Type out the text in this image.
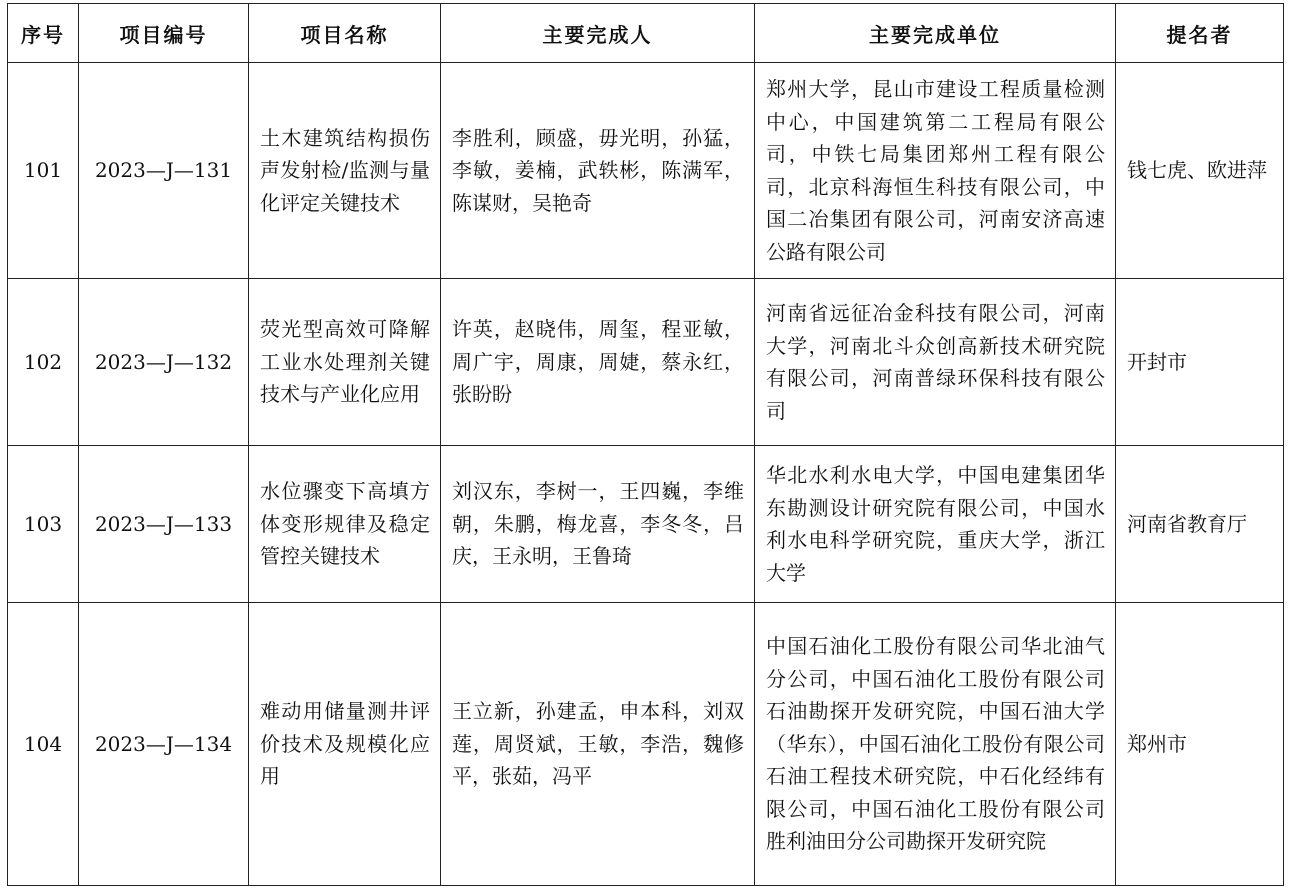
序号	项目编号	项目名称	主要完成人	主要完成单位	提名者
101	2023—J—131	土木建筑结构损伤声发射检/监测与量化评定关键技术	李胜利，顾盛，毋光明，孙猛，李敏，姜楠，武轶彬，陈满军，陈谋财，吴艳奇	郑州大学，昆山市建设工程质量检测中心，中国建筑第二工程局有限公司，中铁七局集团郑州工程有限公司，北京科海恒生科技有限公司，中国二冶集团有限公司，河南安济高速公路有限公司	钱七虎、欧进萍
102	2023—J—132	荧光型高效可降解工业水处理剂关键技术与产业化应用	许英，赵晓伟，周玺，程亚敏，周广宇，周康，周婕，蔡永红，张盼盼	河南省远征冶金科技有限公司，河南大学，河南北斗众创高新技术研究院有限公司，河南普绿环保科技有限公司	开封市
103	2023—J—133	水位骤变下高填方体变形规律及稳定管控关键技术	刘汉东，李树一，王四巍，李维朝，朱鹏，梅龙喜，李冬冬，吕庆，王永明，王鲁琦	华北水利水电大学，中国电建集团华东勘测设计研究院有限公司，中国水利水电科学研究院，重庆大学，浙江大学	河南省教育厅
104	2023—J—134	难动用储量测井评价技术及规模化应用	王立新，孙建孟，申本科，刘双莲，周贤斌，王敏，李浩，魏修平，张茹，冯平	中国石油化工股份有限公司华北油气分公司，中国石油化工股份有限公司石油勘探开发研究院，中国石油大学（华东），中国石油化工股份有限公司石油工程技术研究院，中石化经纬有限公司，中国石油化工股份有限公司胜利油田分公司勘探开发研究院	郑州市
